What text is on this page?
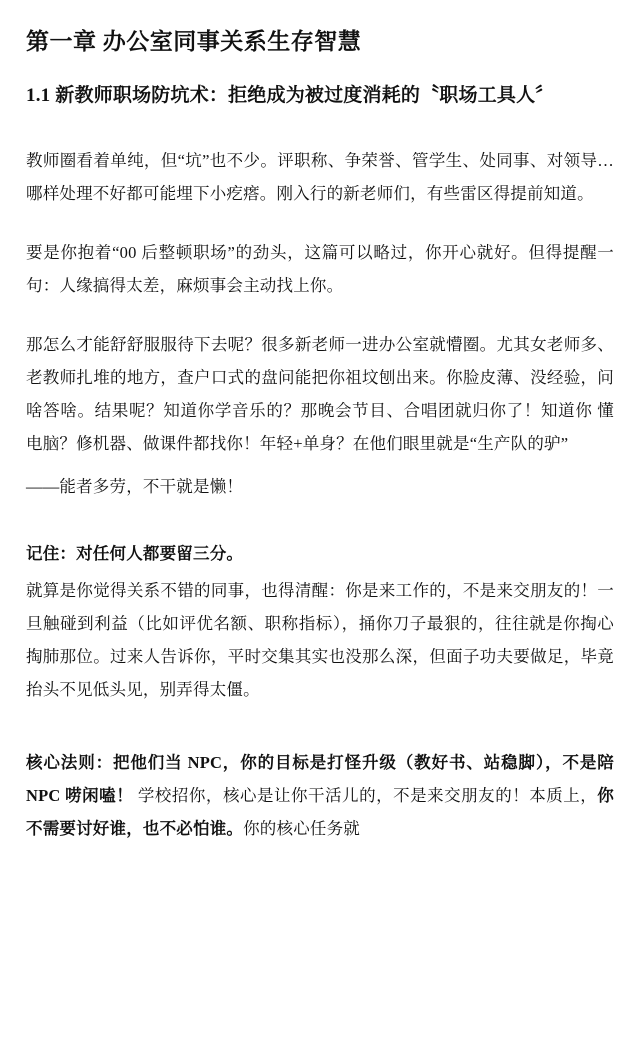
第一章 办公室同事关系生存智慧
1.1 新教师职场防坑术：拒绝成为被过度消耗的〝职场工具人〞

教师圈看着单纯，但“坑”也不少。评职称、争荣誉、管学生、处同事、对领导…哪样处理不好都可能埋下小疙瘩。刚入行的新老师们，有些雷区得提前知道。

要是你抱着“00 后整顿职场”的劲头，这篇可以略过，你开心就好。但得提醒一句：人缘搞得太差，麻烦事会主动找上你。

那怎么才能舒舒服服待下去呢？很多新老师一进办公室就懵圈。尤其女老师多、老教师扎堆的地方，查户口式的盘问能把你祖坟刨出来。你脸皮薄、没经验，问啥答啥。结果呢？知道你学音乐的？那晚会节目、合唱团就归你了！知道你 懂电脑？修机器、做课件都找你！年轻+单身？在他们眼里就是“生产队的驴”

——能者多劳，不干就是懒！

记住：对任何人都要留三分。

就算是你觉得关系不错的同事，也得清醒：你是来工作的，不是来交朋友的！一旦触碰到利益（比如评优名额、职称指标），捅你刀子最狠的，往往就是你掏心掏肺那位。过来人告诉你，平时交集其实也没那么深，但面子功夫要做足，毕竟抬头不见低头见，别弄得太僵。

核心法则：把他们当 NPC，你的目标是打怪升级（教好书、站稳脚），不是陪 NPC 唠闲嗑！ 学校招你，核心是让你干活儿的，不是来交朋友的！本质上，你不需要讨好谁，也不必怕谁。你的核心任务就
